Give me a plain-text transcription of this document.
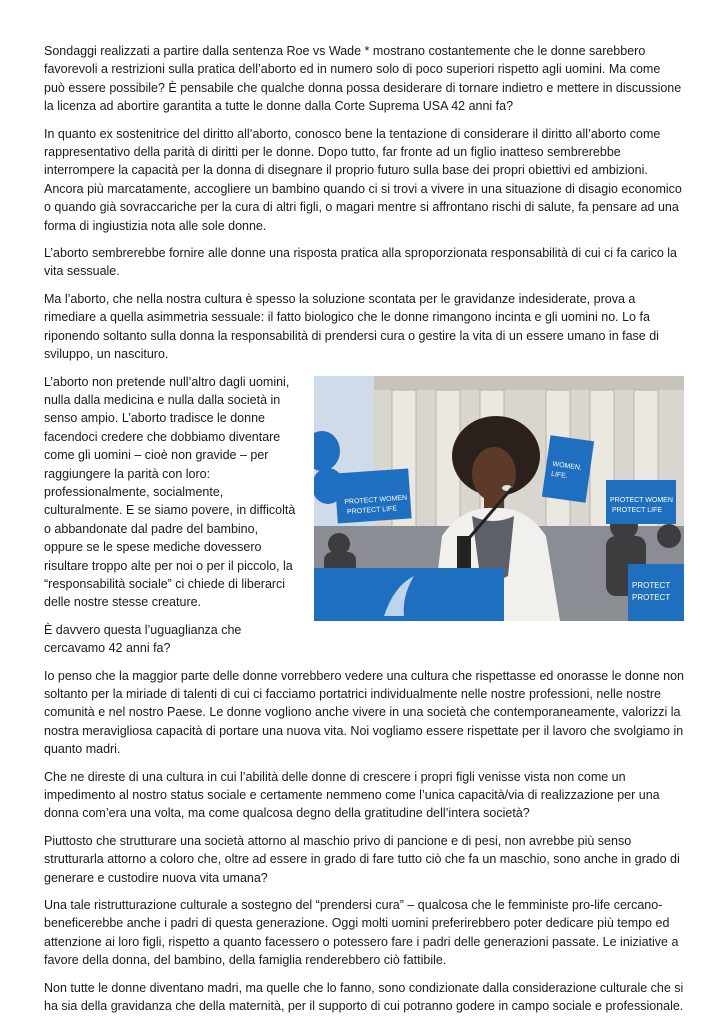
Sondaggi realizzati a partire dalla sentenza Roe vs Wade * mostrano costantemente che le donne sarebbero favorevoli a restrizioni sulla pratica dell’aborto ed in numero solo di poco superiori rispetto agli uomini. Ma come può essere possibile? È pensabile che qualche donna possa desiderare di tornare indietro e mettere in discussione la licenza ad abortire garantita a tutte le donne dalla Corte Suprema USA 42 anni fa?

In quanto ex sostenitrice del diritto all’aborto, conosco bene la tentazione di considerare il diritto all’aborto come rappresentativo della parità di diritti per le donne. Dopo tutto, far fronte ad un figlio inatteso sembrerebbe interrompere la capacità per la donna di disegnare il proprio futuro sulla base dei propri obiettivi ed ambizioni. Ancora più marcatamente, accogliere un bambino quando ci si trovi a vivere in una situazione di disagio economico o quando già sovraccariche per la cura di altri figli, o magari mentre si affrontano rischi di salute, fa pensare ad una forma di ingiustizia nota alle sole donne.

L’aborto sembrerebbe fornire alle donne una risposta pratica alla sproporzionata responsabilità di cui ci fa carico la vita sessuale.

Ma l’aborto, che nella nostra cultura è spesso la soluzione scontata per le gravidanze indesiderate, prova a rimediare a quella asimmetria sessuale: il fatto biologico che le donne rimangono incinta e gli uomini no. Lo fa riponendo soltanto sulla donna la responsabilità di prendersi cura o gestire la vita di un essere umano in fase di sviluppo, un nascituro.

PROTECT WOMEN
PROTECT LIFE
WOMEN.
LIFE.
PROTECT WOMEN
PROTECT LIFE
PROTECT
PROTECT

L’aborto non pretende null’altro dagli uomini, nulla dalla medicina e nulla dalla società in senso ampio. L’aborto tradisce le donne facendoci credere che dobbiamo diventare come gli uomini – cioè non gravide – per raggiungere la parità con loro: professionalmente, socialmente, culturalmente. E se siamo povere, in difficoltà o abbandonate dal padre del bambino, oppure se le spese mediche dovessero risultare troppo alte per noi o per il piccolo, la “responsabilità sociale” ci chiede di liberarci delle nostre stesse creature.

È davvero questa l’uguaglianza che cercavamo 42 anni fa?

Io penso che la maggior parte delle donne vorrebbero vedere una cultura che rispettasse ed onorasse le donne non soltanto per la miriade di talenti di cui ci facciamo portatrici individualmente nelle nostre professioni, nelle nostre comunità e nel nostro Paese. Le donne vogliono anche vivere in una società che contemporaneamente, valorizzi la nostra meravigliosa capacità di portare una nuova vita. Noi vogliamo essere rispettate per il lavoro che svolgiamo in quanto madri.

Che ne direste di una cultura in cui l’abilità delle donne di crescere i propri figli venisse vista non come un impedimento al nostro status sociale e certamente nemmeno come l’unica capacità/via di realizzazione per una donna com’era una volta, ma come qualcosa degno della gratitudine dell’intera società?

Piuttosto che strutturare una società attorno al maschio privo di pancione e di pesi, non avrebbe più senso strutturarla attorno a coloro che, oltre ad essere in grado di fare tutto ciò che fa un maschio, sono anche in grado di generare e custodire nuova vita umana?

Una tale ristrutturazione culturale a sostegno del “prendersi cura” – qualcosa che le femministe pro-life cercano-beneficerebbe anche i padri di questa generazione. Oggi molti uomini preferirebbero poter dedicare più tempo ed attenzione ai loro figli, rispetto a quanto facessero o potessero fare i padri delle generazioni passate. Le iniziative a favore della donna, del bambino, della famiglia renderebbero ciò fattibile.

Non tutte le donne diventano madri, ma quelle che lo fanno, sono condizionate dalla considerazione culturale che si ha sia della gravidanza che della maternità, per il supporto di cui potranno godere in campo sociale e professionale.
